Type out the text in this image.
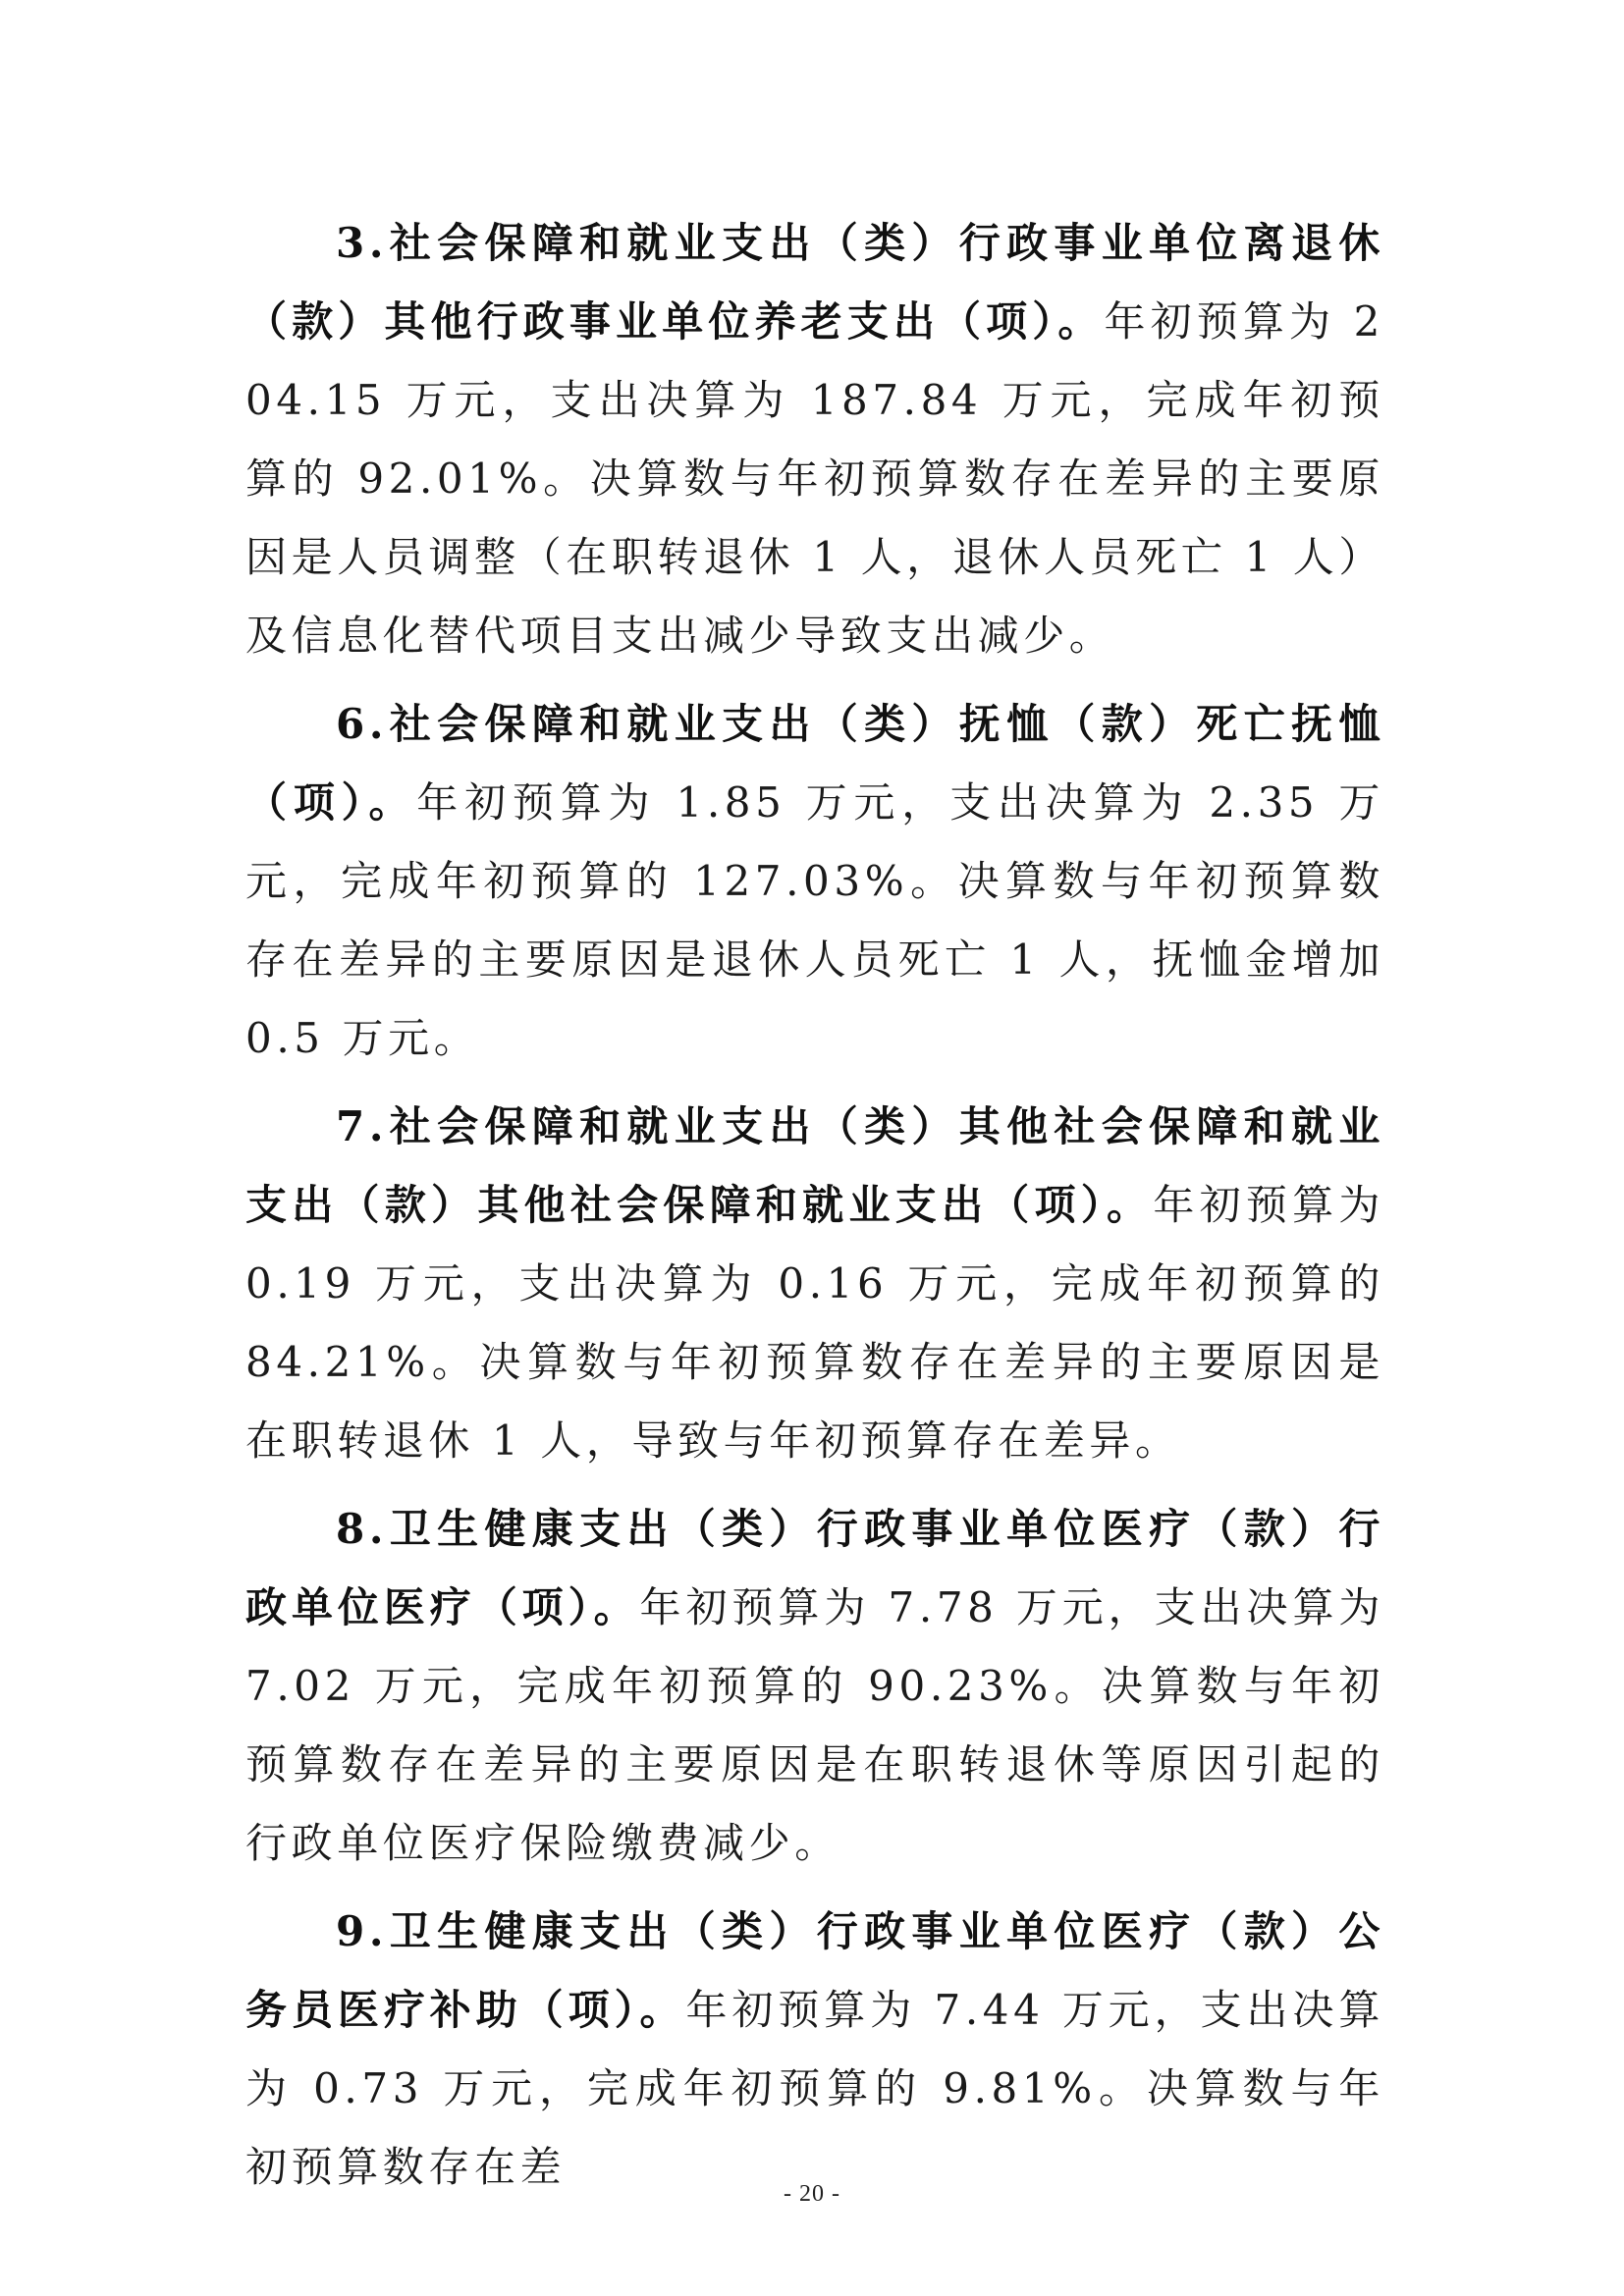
3.社会保障和就业支出（类）行政事业单位离退休（款）其他行政事业单位养老支出（项）。年初预算为 204.15 万元，支出决算为 187.84 万元，完成年初预算的 92.01%。决算数与年初预算数存在差异的主要原因是人员调整（在职转退休 1 人，退休人员死亡 1 人）及信息化替代项目支出减少导致支出减少。

6.社会保障和就业支出（类）抚恤（款）死亡抚恤（项）。年初预算为 1.85 万元，支出决算为 2.35 万元，完成年初预算的 127.03%。决算数与年初预算数存在差异的主要原因是退休人员死亡 1 人，抚恤金增加 0.5 万元。

7.社会保障和就业支出（类）其他社会保障和就业支出（款）其他社会保障和就业支出（项）。年初预算为 0.19 万元，支出决算为 0.16 万元，完成年初预算的 84.21%。决算数与年初预算数存在差异的主要原因是在职转退休 1 人，导致与年初预算存在差异。

8.卫生健康支出（类）行政事业单位医疗（款）行政单位医疗（项）。年初预算为 7.78 万元，支出决算为 7.02 万元，完成年初预算的 90.23%。决算数与年初预算数存在差异的主要原因是在职转退休等原因引起的行政单位医疗保险缴费减少。

9.卫生健康支出（类）行政事业单位医疗（款）公务员医疗补助（项）。年初预算为 7.44 万元，支出决算为 0.73 万元，完成年初预算的 9.81%。决算数与年初预算数存在差

- 20 -
